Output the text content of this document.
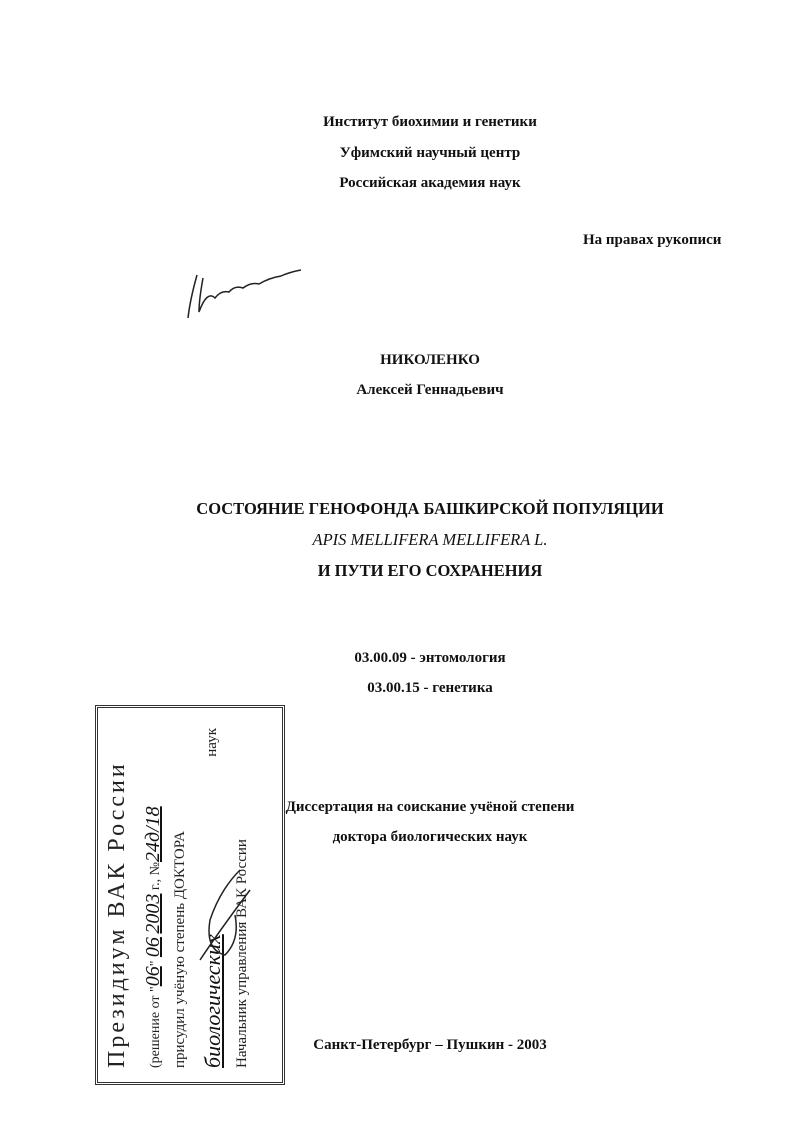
Институт биохимии и генетики
Уфимский научный центр
Российская академия наук
На правах рукописи
НИКОЛЕНКО
Алексей Геннадьевич
СОСТОЯНИЕ ГЕНОФОНДА БАШКИРСКОЙ ПОПУЛЯЦИИ
APIS MELLIFERA MELLIFERA L.
И ПУТИ ЕГО СОХРАНЕНИЯ
03.00.09 - энтомология
03.00.15 - генетика
Диссертация на соискание учёной степени
доктора биологических наук
Санкт-Петербург – Пушкин - 2003
Президиум ВАК России	(решение от "06" 06 2003 г., №24д/18 присудил учёную степень ДОКТОРА биологических
наук
Начальник управления ВАК России
